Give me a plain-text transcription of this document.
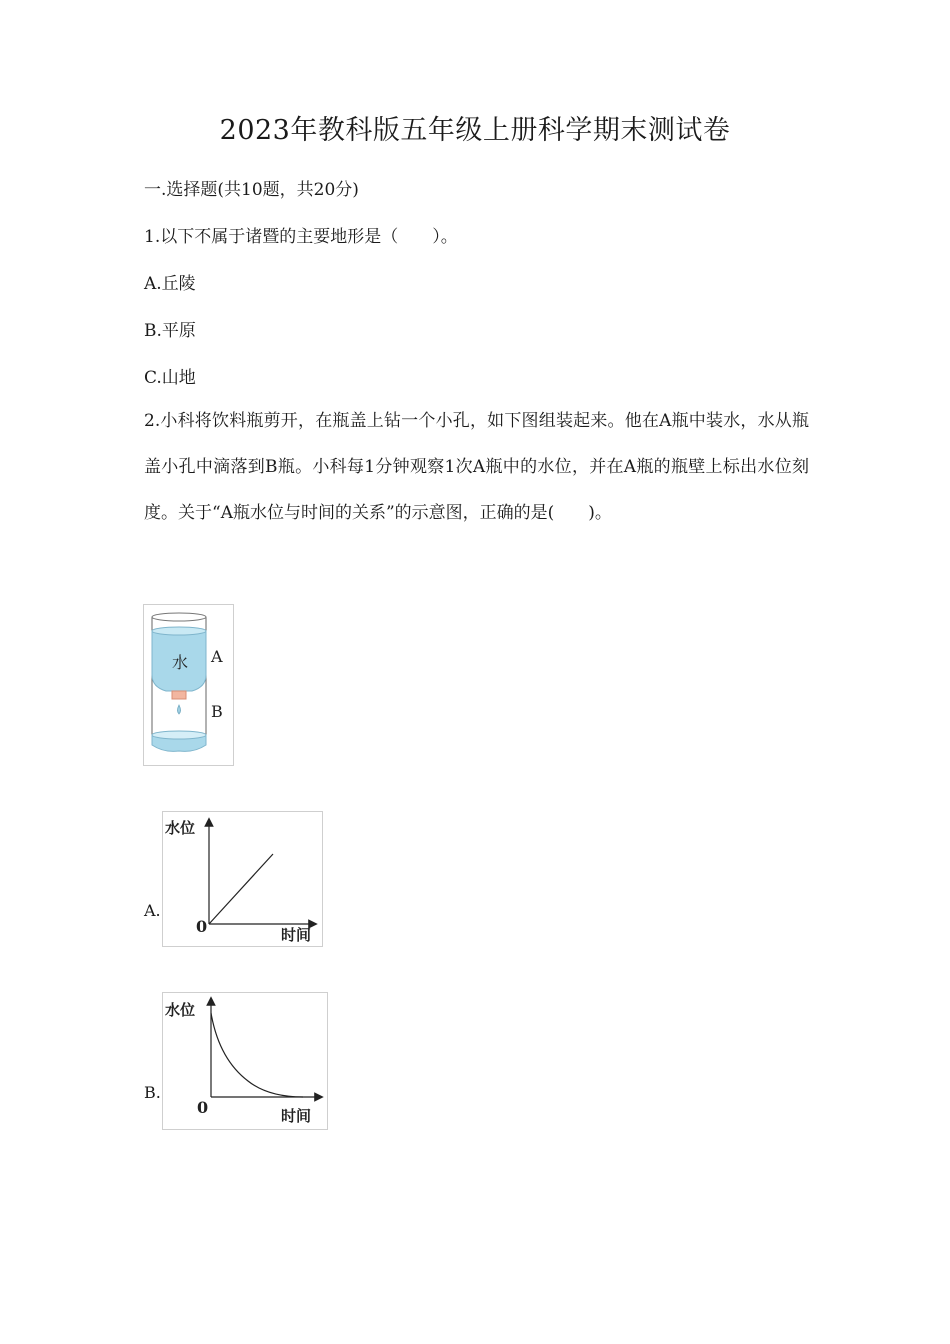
2023年教科版五年级上册科学期末测试卷
一.选择题(共10题，共20分)
1.以下不属于诸暨的主要地形是（　　）。
A.丘陵
B.平原
C.山地
2.小科将饮料瓶剪开，在瓶盖上钻一个小孔，如下图组装起来。他在A瓶中装水，水从瓶盖小孔中滴落到B瓶。小科每1分钟观察1次A瓶中的水位，并在A瓶的瓶壁上标出水位刻度。关于“A瓶水位与时间的关系”的示意图，正确的是(　　)。
水 A
B
A.
水位
时间
0
B.
水位
时间
0
